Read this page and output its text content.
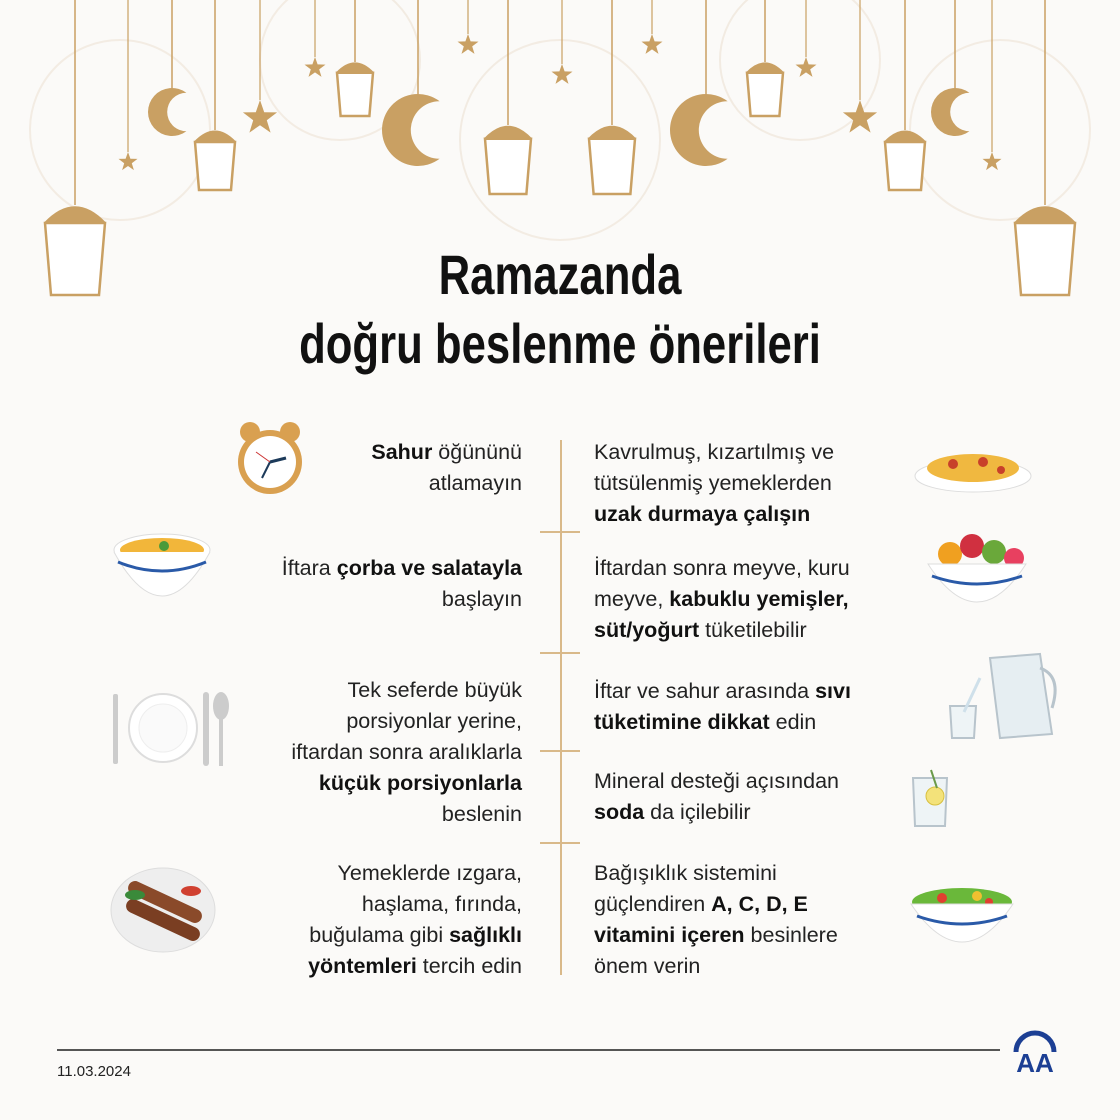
Ramazanda
doğru beslenme önerileri
Sahur öğününü
atlamayın
İftara çorba ve salatayla
başlayın
Tek seferde büyük
porsiyonlar yerine,
iftardan sonra aralıklarla
küçük porsiyonlarla
beslenin
Yemeklerde ızgara,
haşlama, fırında,
buğulama gibi sağlıklı
yöntemleri tercih edin
Kavrulmuş, kızartılmış ve
tütsülenmiş yemeklerden
uzak durmaya çalışın
İftardan sonra meyve, kuru
meyve, kabuklu yemişler,
süt/yoğurt tüketilebilir
İftar ve sahur arasında sıvı
tüketimine dikkat edin
Mineral desteği açısından
soda da içilebilir
Bağışıklık sistemini
güçlendiren A, C, D, E
vitamini içeren besinlere
önem verin
11.03.2024	AA
